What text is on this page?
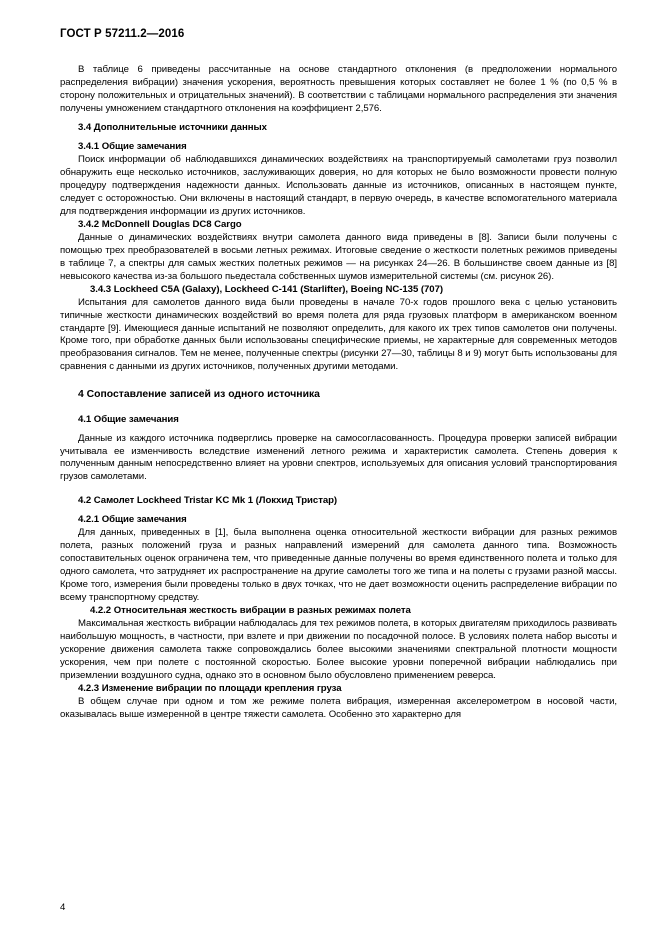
ГОСТ Р 57211.2—2016

В таблице 6 приведены рассчитанные на основе стандартного отклонения (в предположении нормального распределения вибрации) значения ускорения, вероятность превышения которых составляет не более 1 % (по 0,5 % в сторону положительных и отрицательных значений). В соответствии с таблицами нормального распределения эти значения получены умножением стандартного отклонения на коэффициент 2,576.

3.4 Дополнительные источники данных
3.4.1 Общие замечания

Поиск информации об наблюдавшихся динамических воздействиях на транспортируемый самолетами груз позволил обнаружить еще несколько источников, заслуживающих доверия, но для которых не было возможности провести полную процедуру подтверждения надежности данных. Использовать данные из источников, описанных в настоящем пункте, следует с осторожностью. Они включены в настоящий стандарт, в первую очередь, в качестве вспомогательного материала для подтверждения информации из других источников.

3.4.2 McDonnell Douglas DC8 Cargo

Данные о динамических воздействиях внутри самолета данного вида приведены в [8]. Записи были получены с помощью трех преобразователей в восьми летных режимах. Итоговые сведение о жесткости полетных режимов приведены в таблице 7, а спектры для самых жестких полетных режимов — на рисунках 24—26. В большинстве своем данные из [8] невысокого качества из-за большого пьедестала собственных шумов измерительной системы (см. рисунок 26).

3.4.3 Lockheed C5A (Galaxy), Lockheed C-141 (Starlifter), Boeing NC-135 (707)

Испытания для самолетов данного вида были проведены в начале 70-х годов прошлого века с целью установить типичные жесткости динамических воздействий во время полета для ряда грузовых платформ в американском военном стандарте [9]. Имеющиеся данные испытаний не позволяют определить, для какого их трех типов самолетов они получены. Кроме того, при обработке данных были использованы специфические приемы, не характерные для современных методов преобразования сигналов. Тем не менее, полученные спектры (рисунки 27—30, таблицы 8 и 9) могут быть использованы для сравнения с данными из других источников, полученных другими методами.

4 Сопоставление записей из одного источника
4.1 Общие замечания

Данные из каждого источника подверглись проверке на самосогласованность. Процедура проверки записей вибрации учитывала ее изменчивость вследствие изменений летного режима и характеристик самолета. Степень доверия к полученным данным непосредственно влияет на уровни спектров, используемых для описания условий транспортирования грузов самолетами.

4.2 Самолет Lockheed Tristar KC Mk 1 (Локхид Тристар)
4.2.1 Общие замечания

Для данных, приведенных в [1], была выполнена оценка относительной жесткости вибрации для разных режимов полета, разных положений груза и разных направлений измерений для самолета данного типа. Возможность сопоставительных оценок ограничена тем, что приведенные данные получены во время единственного полета и только для одного самолета, что затрудняет их распространение на другие самолеты того же типа и на полеты с грузами разной массы. Кроме того, измерения были проведены только в двух точках, что не дает возможности оценить распределение вибрации по всему транспортному средству.

4.2.2 Относительная жесткость вибрации в разных режимах полета

Максимальная жесткость вибрации наблюдалась для тех режимов полета, в которых двигателям приходилось развивать наибольшую мощность, в частности, при взлете и при движении по посадочной полосе. В условиях полета набор высоты и ускорение движения самолета также сопровождались более высокими значениями спектральной плотности мощности ускорения, чем при полете с постоянной скоростью. Более высокие уровни поперечной вибрации наблюдались при приземлении воздушного судна, однако это в основном было обусловлено применением реверса.

4.2.3 Изменение вибрации по площади крепления груза

В общем случае при одном и том же режиме полета вибрация, измеренная акселерометром в носовой части, оказывалась выше измеренной в центре тяжести самолета. Особенно это характерно для

4
